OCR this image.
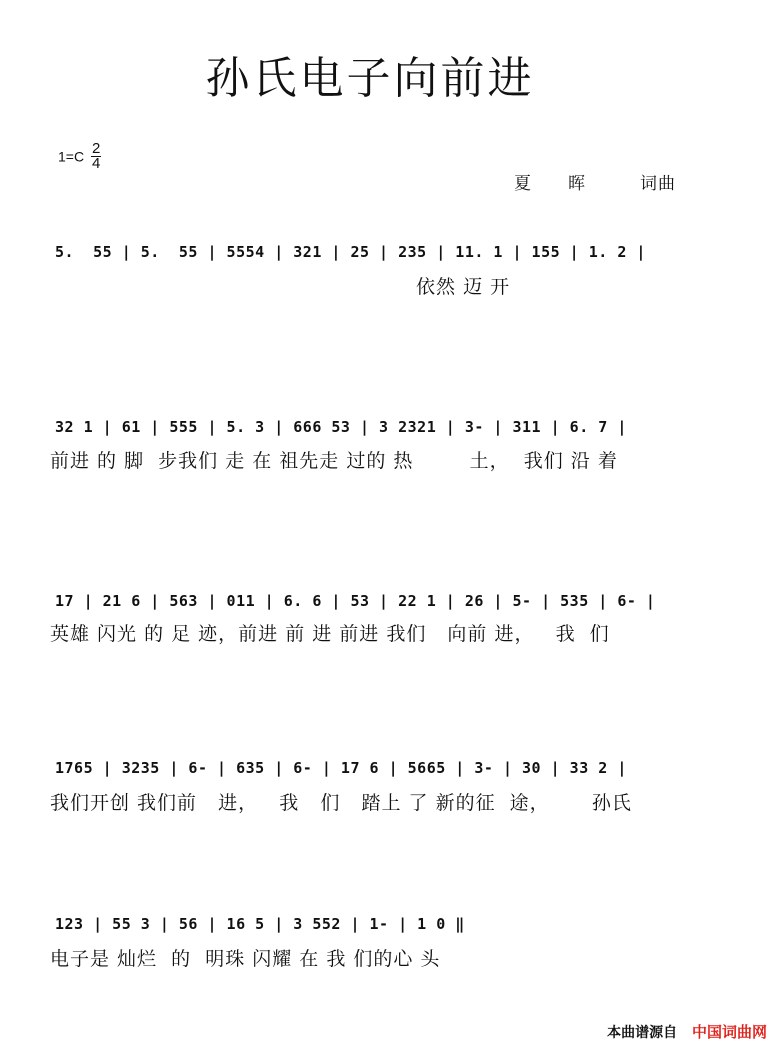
孙氏电子向前进
$1=C \frac{2}{4}$
夏　　晖　　　词曲
5.  55 | 5.  55 | 5554 | 321 | 25 | 235 | 11. 1 | 155 | 1. 2 |
依然 迈 开
32 1 | 61 | 555 | 5. 3 | 666 53 | 3 2321 | 3- | 311 | 6. 7 |
前进 的 脚  步我们 走 在 祖先走 过的 热        土，  我们 沿 着
17 | 21 6 | 563 | 011 | 6. 6 | 53 | 22 1 | 26 | 5- | 535 | 6- |
英雄 闪光 的 足 迹，前进 前 进 前进 我们   向前 进，   我  们
1765 | 3235 | 6- | 635 | 6- | 17 6 | 5665 | 3- | 30 | 33 2 |
我们开创 我们前   进，   我   们   踏上 了 新的征  途，      孙氏
123 | 55 3 | 56 | 16 5 | 3 552 | 1- | 1 0 ‖
电子是 灿烂  的  明珠 闪耀 在 我 们的心 头
本曲谱源自 中国词曲网
